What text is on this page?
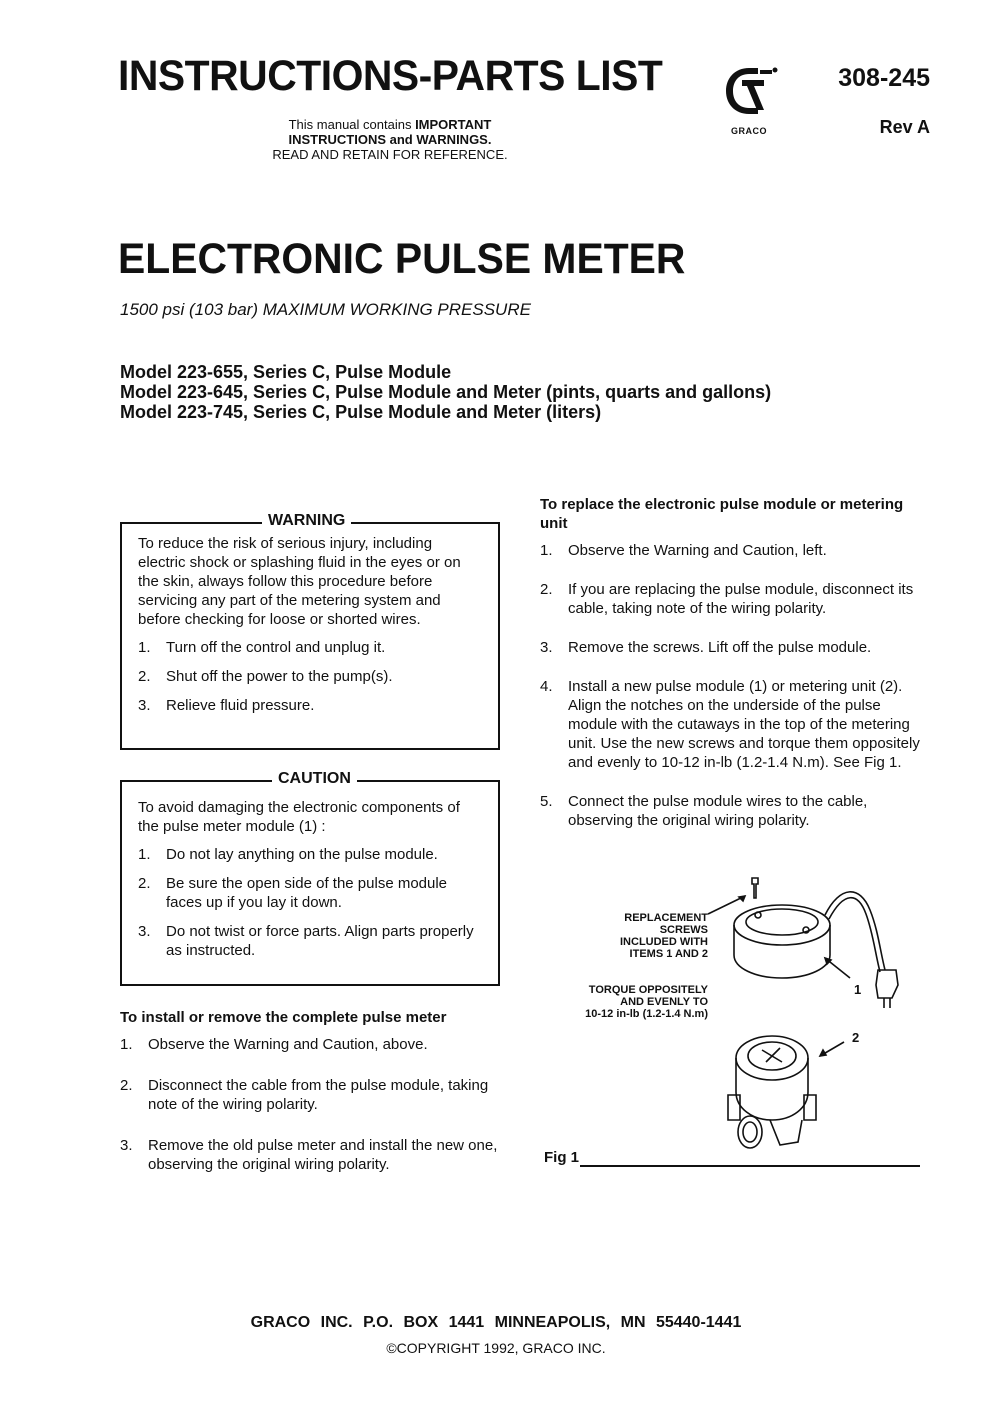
INSTRUCTIONS-PARTS LIST
This manual contains IMPORTANT
INSTRUCTIONS and WARNINGS.
READ AND RETAIN FOR REFERENCE.
GRACO
308-245
Rev A
ELECTRONIC PULSE METER
1500 psi (103 bar) MAXIMUM WORKING PRESSURE
Model 223-655, Series C, Pulse Module
Model 223-645, Series C, Pulse Module and Meter (pints, quarts and gallons)
Model 223-745, Series C, Pulse Module and Meter (liters)
WARNING

To reduce the risk of serious injury, including electric shock or splashing fluid in the eyes or on the skin, always follow this procedure before servicing any part of the metering system and before checking for loose or shorted wires.

1. Turn off the control and unplug it.
2. Shut off the power to the pump(s).
3. Relieve fluid pressure.
CAUTION

To avoid damaging the electronic components of the pulse meter module (1) :

1. Do not lay anything on the pulse module.
2. Be sure the open side of the pulse module faces up if you lay it down.
3. Do not twist or force parts. Align parts properly as instructed.
To install or remove the complete pulse meter
1. Observe the Warning and Caution, above.
2. Disconnect the cable from the pulse module, taking note of the wiring polarity.
3. Remove the old pulse meter and install the new one, observing the original wiring polarity.
To replace the electronic pulse module or metering unit
1. Observe the Warning and Caution, left.
2. If you are replacing the pulse module, disconnect its cable, taking note of the wiring polarity.
3. Remove the screws. Lift off the pulse module.
4. Install a new pulse module (1) or metering unit (2). Align the notches on the underside of the pulse module with the cutaways in the top of the metering unit. Use the new screws and torque them oppositely and evenly to 10-12 in-lb (1.2-1.4 N.m). See Fig 1.
5. Connect the pulse module wires to the cable, observing the original wiring polarity.
REPLACEMENT
SCREWS
INCLUDED WITH
ITEMS 1 AND 2
TORQUE OPPOSITELY
AND EVENLY TO
10-12 in-lb (1.2-1.4 N.m)
1
2
Fig 1
GRACO INC. P.O. BOX 1441 MINNEAPOLIS, MN 55440-1441
©COPYRIGHT 1992, GRACO INC.
